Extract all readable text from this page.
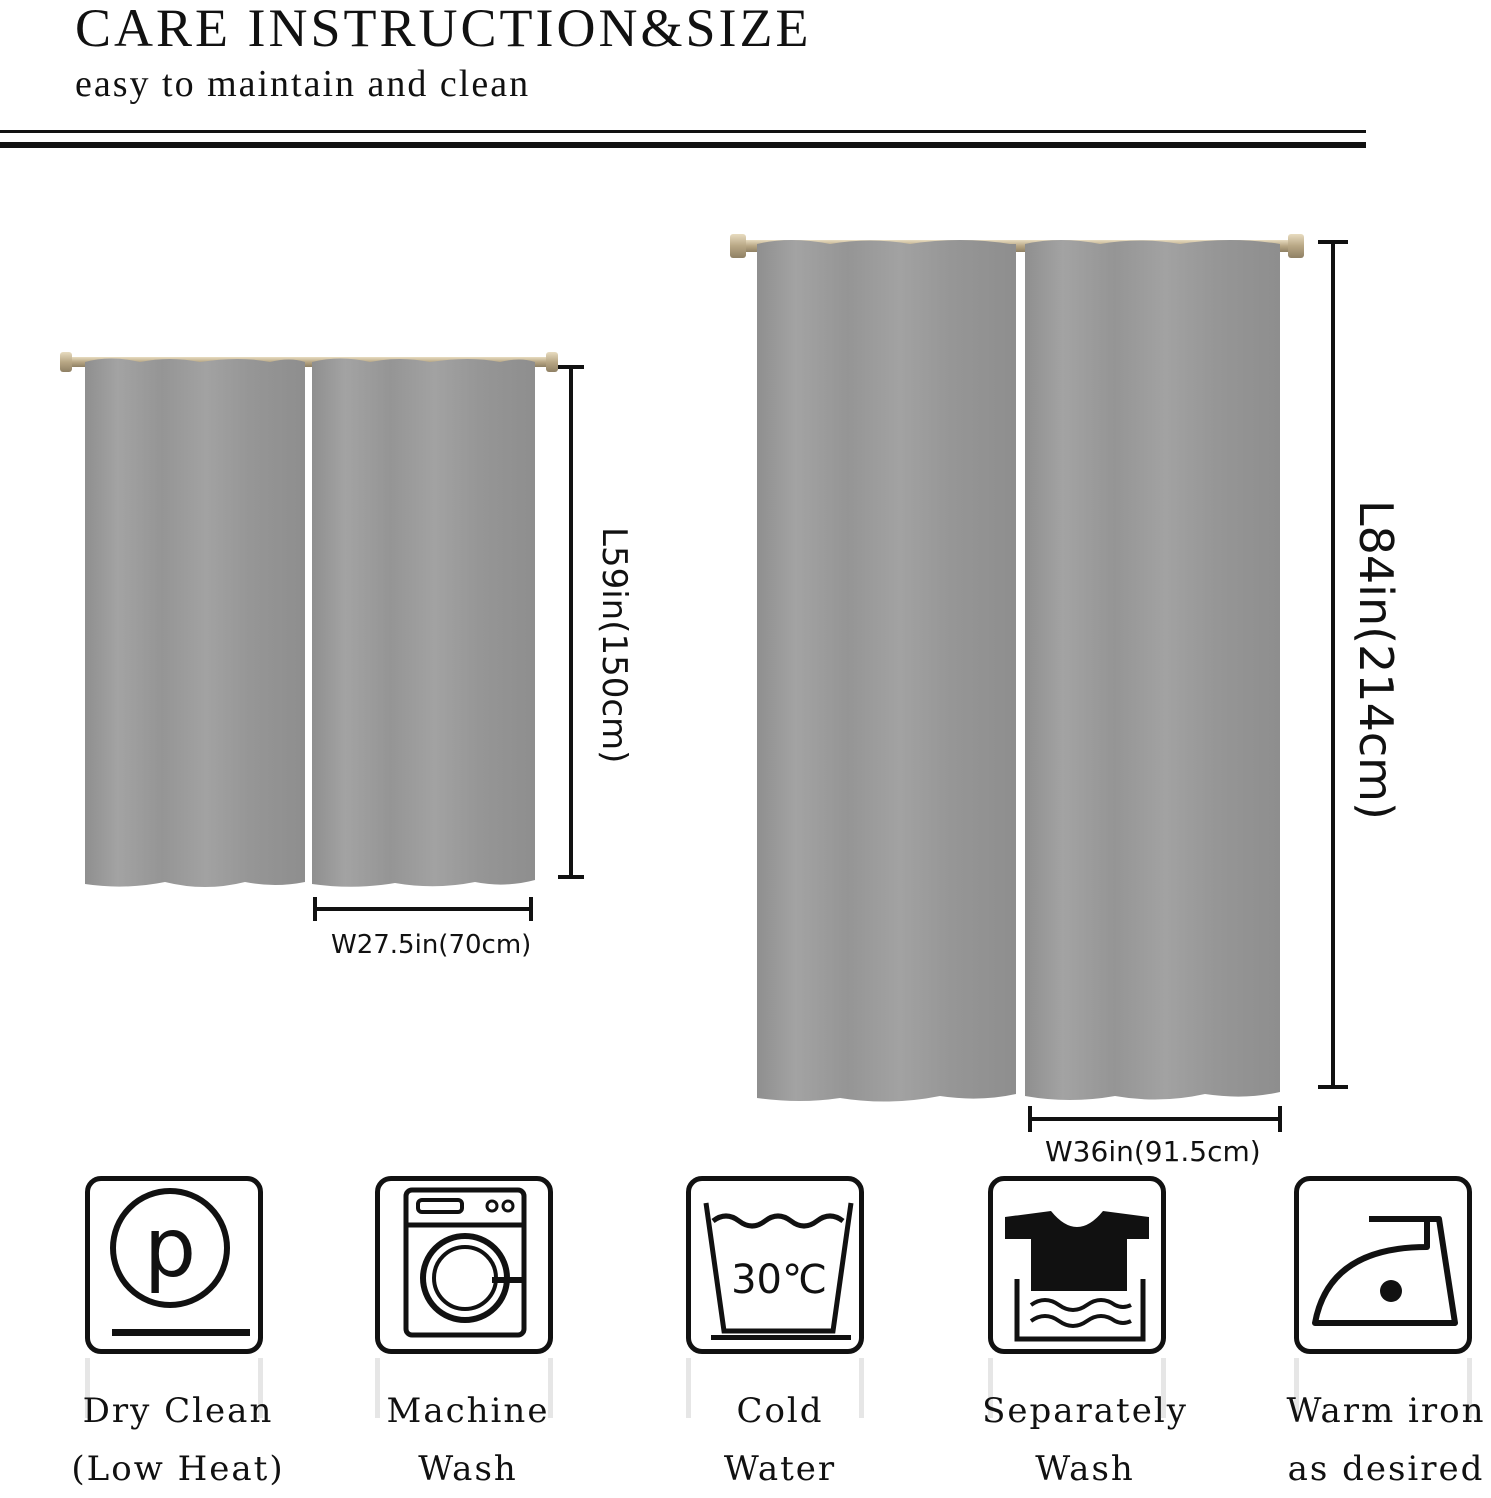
CARE INSTRUCTION&SIZE
easy to maintain and clean
L59in(150cm)
W27.5in(70cm)
L84in(214cm)
W36in(91.5cm)
p	30℃
Dry Clean
(Low Heat)
Machine
Wash
Cold
Water
Separately
Wash
Warm iron
as desired
